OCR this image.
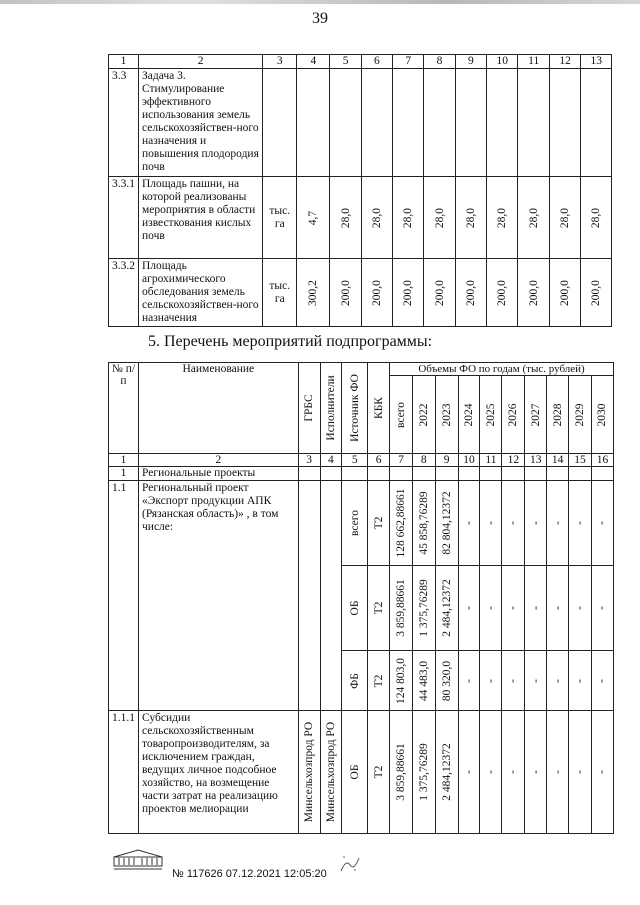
39
1	2	3	4	5	6	7	8	9	10	11	12	13
3.3	Задача 3. Стимулирование эффективного использования земель сельскохозяйствен-ного назначения и повышения плодородия почв											
3.3.1	Площадь пашни, на которой реализованы мероприятия в области известкования кислых почв	тыс. га	4,7	28,0	28,0	28,0	28,0	28,0	28,0	28,0	28,0	28,0

3.3.2	Площадь агрохимического обследования земель сельскохозяйствен-ного назначения	тыс. га	300,2	200,0	200,0	200,0	200,0	200,0	200,0	200,0	200,0	200,0
5. Перечень мероприятий подпрограммы:
№ п/п	Наименование	ГРБС	Исполнители	Источник ФО	КБК	Объемы ФО по годам (тыс. рублей)									

						всего	2022	2023	2024	2025	2026	2027	2028	2029	2030

1	2	3	4	5	6	7	8	9	10	11	12	13	14	15	16
1	Региональные проекты														
1.1	Региональный проект «Экспорт продукции АПК (Рязанская область)» , в том числе:			всего	Т2	128 662,88661	45 858,76289	82 804,12372	-	-	-	-	-	-	-

				ОБ	Т2	3 859,88661	1 375,76289	2 484,12372	-	-	-	-	-	-	-

				ФБ	Т2	124 803,0	44 483,0	80 320,0	-	-	-	-	-	-	-

1.1.1	Субсидии сельскохозяйственным товаропроизводителям, за исключением граждан, ведущих личное подсобное хозяйство, на возмещение части затрат на реализацию проектов мелиорации	Минсельхозпрод РО	Минсельхозпрод РО	ОБ	Т2	3 859,88661	1 375,76289	2 484,12372	-	-	-	-	-	-	-
№ 117626 07.12.2021 12:05:20
